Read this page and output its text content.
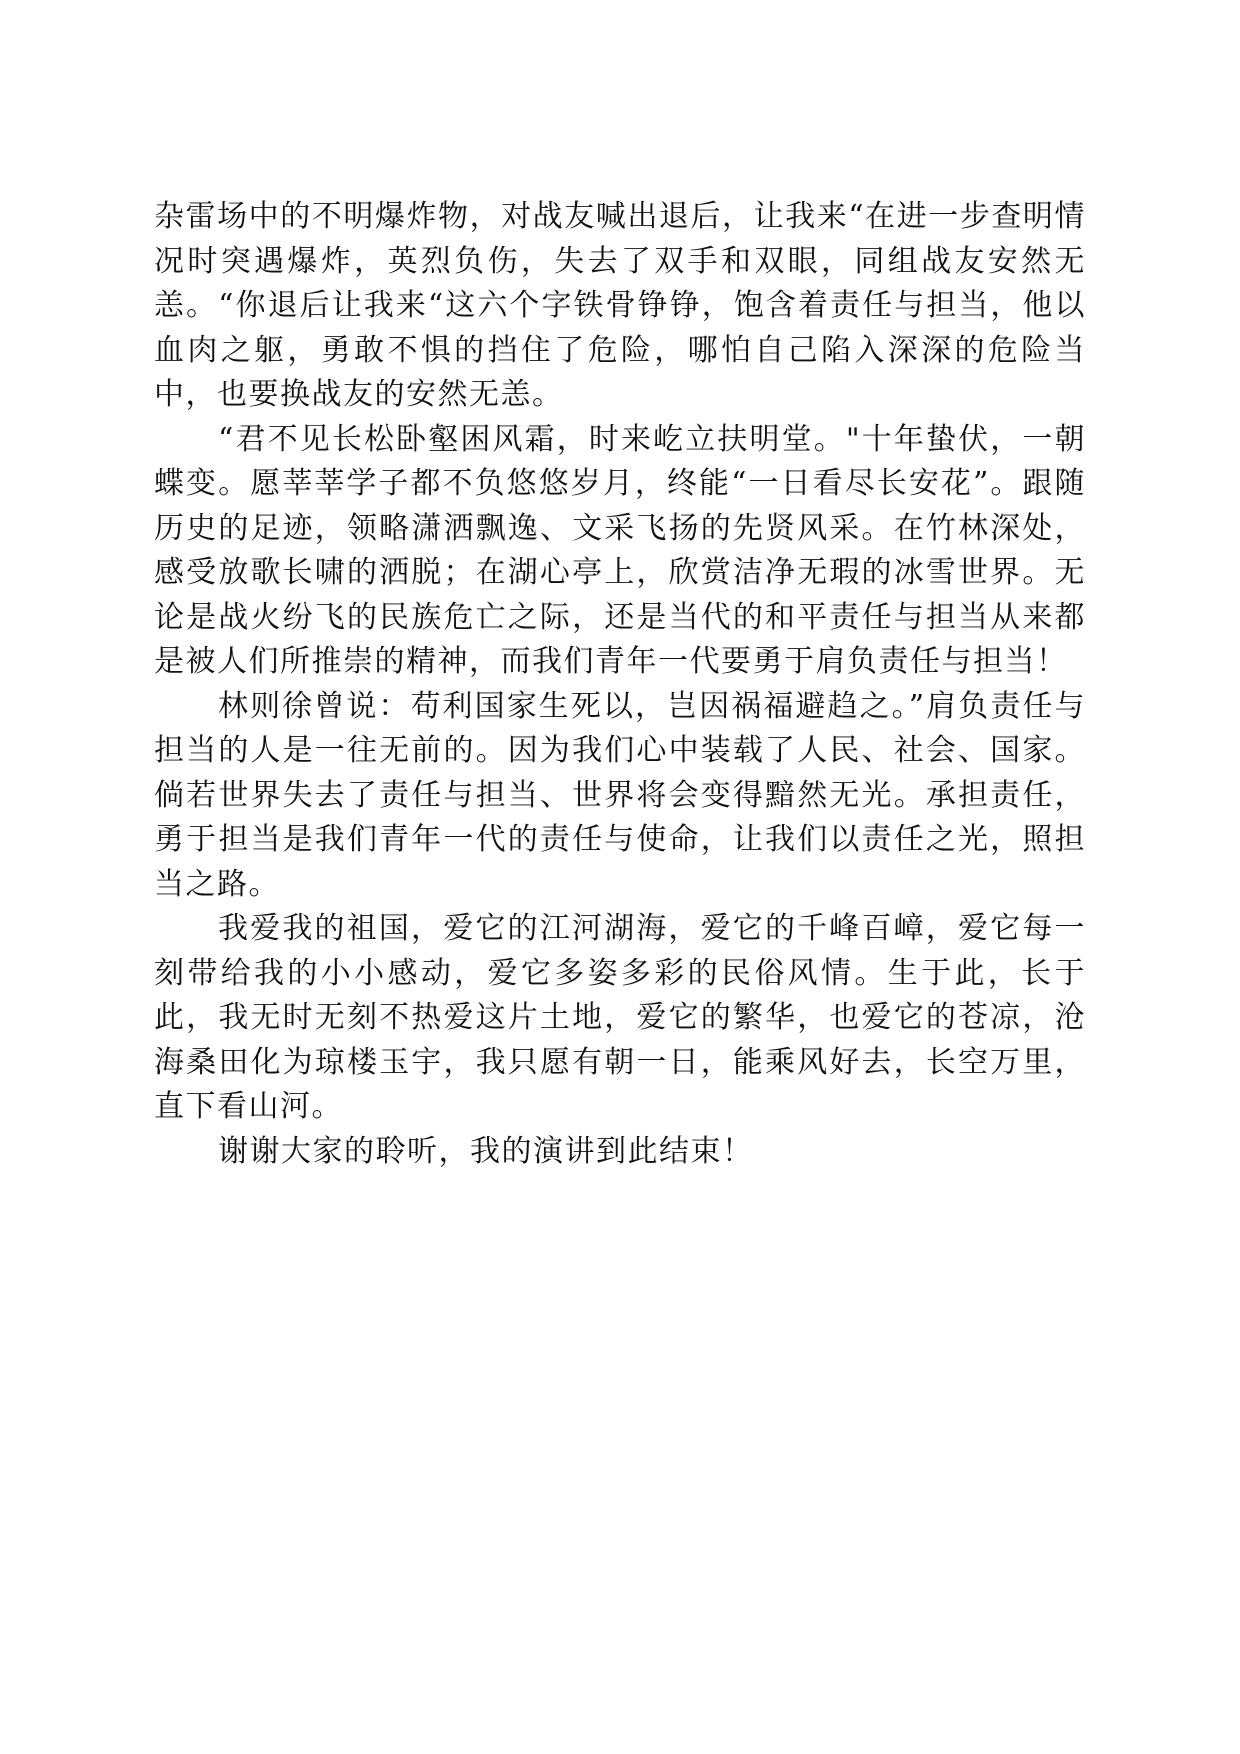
杂雷场中的不明爆炸物，对战友喊出退后，让我来“在进一步查明情况时突遇爆炸，英烈负伤，失去了双手和双眼，同组战友安然无恙。“你退后让我来“这六个字铁骨铮铮，饱含着责任与担当，他以血肉之躯，勇敢不惧的挡住了危险，哪怕自己陷入深深的危险当中，也要换战友的安然无恙。

“君不见长松卧壑困风霜，时来屹立扶明堂。"十年蛰伏，一朝蝶变。愿莘莘学子都不负悠悠岁月，终能“一日看尽长安花”。跟随历史的足迹，领略潇洒飘逸、文采飞扬的先贤风采。在竹林深处，感受放歌长啸的洒脱；在湖心亭上，欣赏洁净无瑕的冰雪世界。无论是战火纷飞的民族危亡之际，还是当代的和平责任与担当从来都是被人们所推崇的精神，而我们青年一代要勇于肩负责任与担当！

林则徐曾说：苟利国家生死以，岂因祸福避趋之。”肩负责任与担当的人是一往无前的。因为我们心中装载了人民、社会、国家。倘若世界失去了责任与担当、世界将会变得黯然无光。承担责任，勇于担当是我们青年一代的责任与使命，让我们以责任之光，照担当之路。

我爱我的祖国，爱它的江河湖海，爱它的千峰百嶂，爱它每一刻带给我的小小感动，爱它多姿多彩的民俗风情。生于此，长于此，我无时无刻不热爱这片土地，爱它的繁华，也爱它的苍凉，沧海桑田化为琼楼玉宇，我只愿有朝一日，能乘风好去，长空万里，直下看山河。

谢谢大家的聆听，我的演讲到此结束！
